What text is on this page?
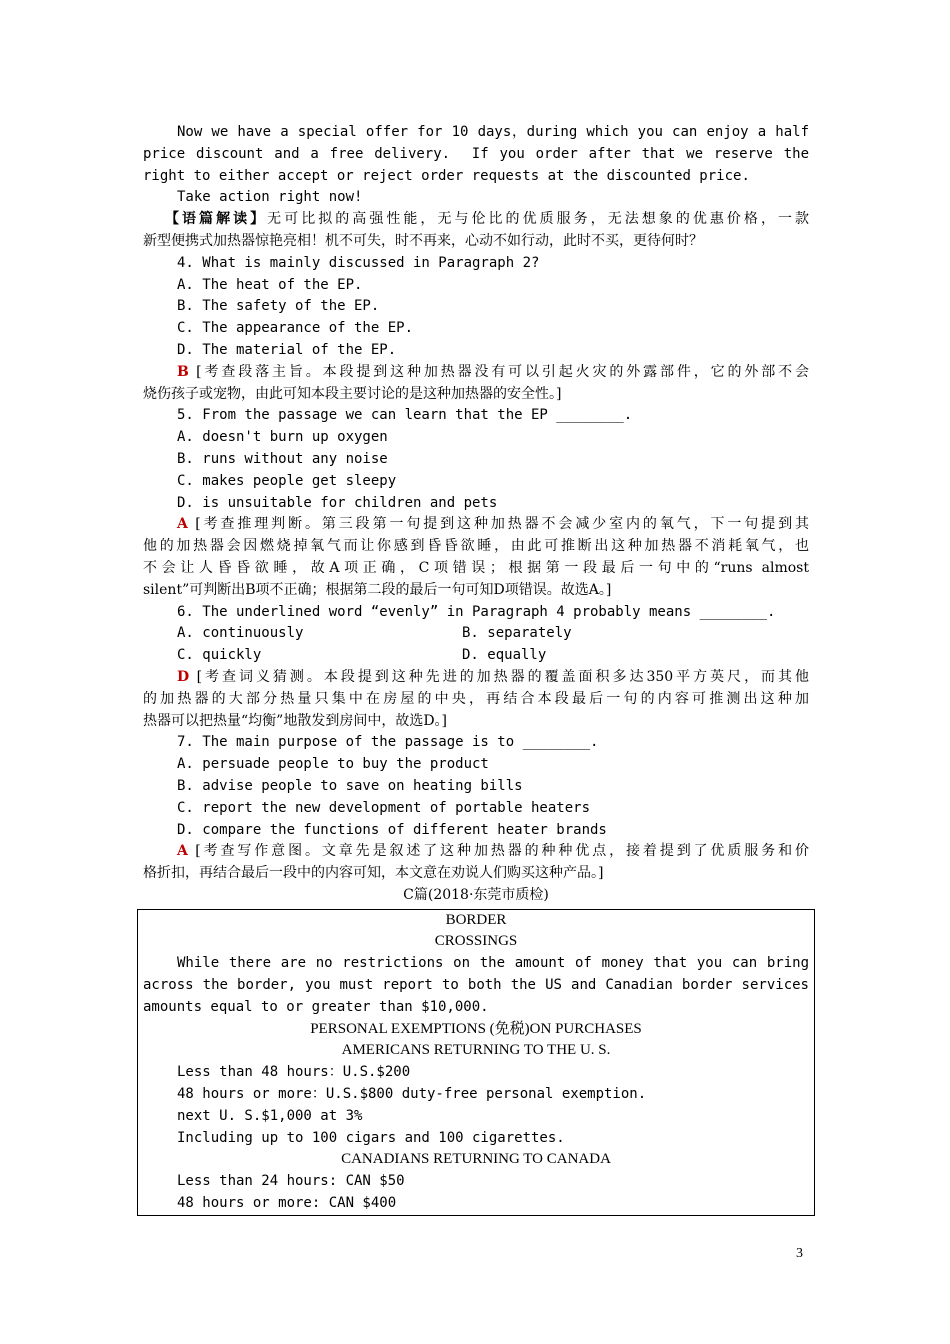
Now we have a special offer for 10 days，during which you can enjoy a half

price discount and a free delivery.  If you order after that we reserve the

right to either accept or reject order requests at the discounted price.

Take action right now!

【语篇解读】无可比拟的高强性能，无与伦比的优质服务，无法想象的优惠价格，一款

新型便携式加热器惊艳亮相！机不可失，时不再来，心动不如行动，此时不买，更待何时？

4. What is mainly discussed in Paragraph 2?

A. The heat of the EP.

B. The safety of the EP.

C. The appearance of the EP.

D. The material of the EP.

B [考查段落主旨。本段提到这种加热器没有可以引起火灾的外露部件，它的外部不会

烧伤孩子或宠物，由此可知本段主要讨论的是这种加热器的安全性。]

5. From the passage we can learn that the EP ________.

A. doesn't burn up oxygen

B. runs without any noise

C. makes people get sleepy

D. is unsuitable for children and pets

A [考查推理判断。第三段第一句提到这种加热器不会减少室内的氧气，下一句提到其

他的加热器会因燃烧掉氧气而让你感到昏昏欲睡，由此可推断出这种加热器不消耗氧气，也

不会让人昏昏欲睡，故A项正确，C项错误；根据第一段最后一句中的“runs almost

silent”可判断出B项不正确；根据第二段的最后一句可知D项错误。故选A。]

6. The underlined word “evenly” in Paragraph 4 probably means ________.

A. continuously	B. separately

C. quickly	D. equally

D [考查词义猜测。本段提到这种先进的加热器的覆盖面积多达350平方英尺，而其他

的加热器的大部分热量只集中在房屋的中央，再结合本段最后一句的内容可推测出这种加

热器可以把热量“均衡”地散发到房间中，故选D。]

7. The main purpose of the passage is to ________.

A. persuade people to buy the product

B. advise people to save on heating bills

C. report the new development of portable heaters

D. compare the functions of different heater brands

A [考查写作意图。文章先是叙述了这种加热器的种种优点，接着提到了优质服务和价

格折扣，再结合最后一段中的内容可知，本文意在劝说人们购买这种产品。]

C篇(2018·东莞市质检)

BORDER

CROSSINGS

While there are no restrictions on the amount of money that you can bring

across the border, you must report to both the US and Canadian border services

amounts equal to or greater than $10,000.

PERSONAL EXEMPTIONS (免税)ON PURCHASES

AMERICANS RETURNING TO THE U. S.

Less than 48 hours：U.S.$200

48 hours or more：U.S.$800 duty-free personal exemption.

next U. S.$1,000 at 3%

Including up to 100 cigars and 100 cigarettes.

CANADIANS RETURNING TO CANADA

Less than 24 hours: CAN $50

48 hours or more: CAN $400

3
